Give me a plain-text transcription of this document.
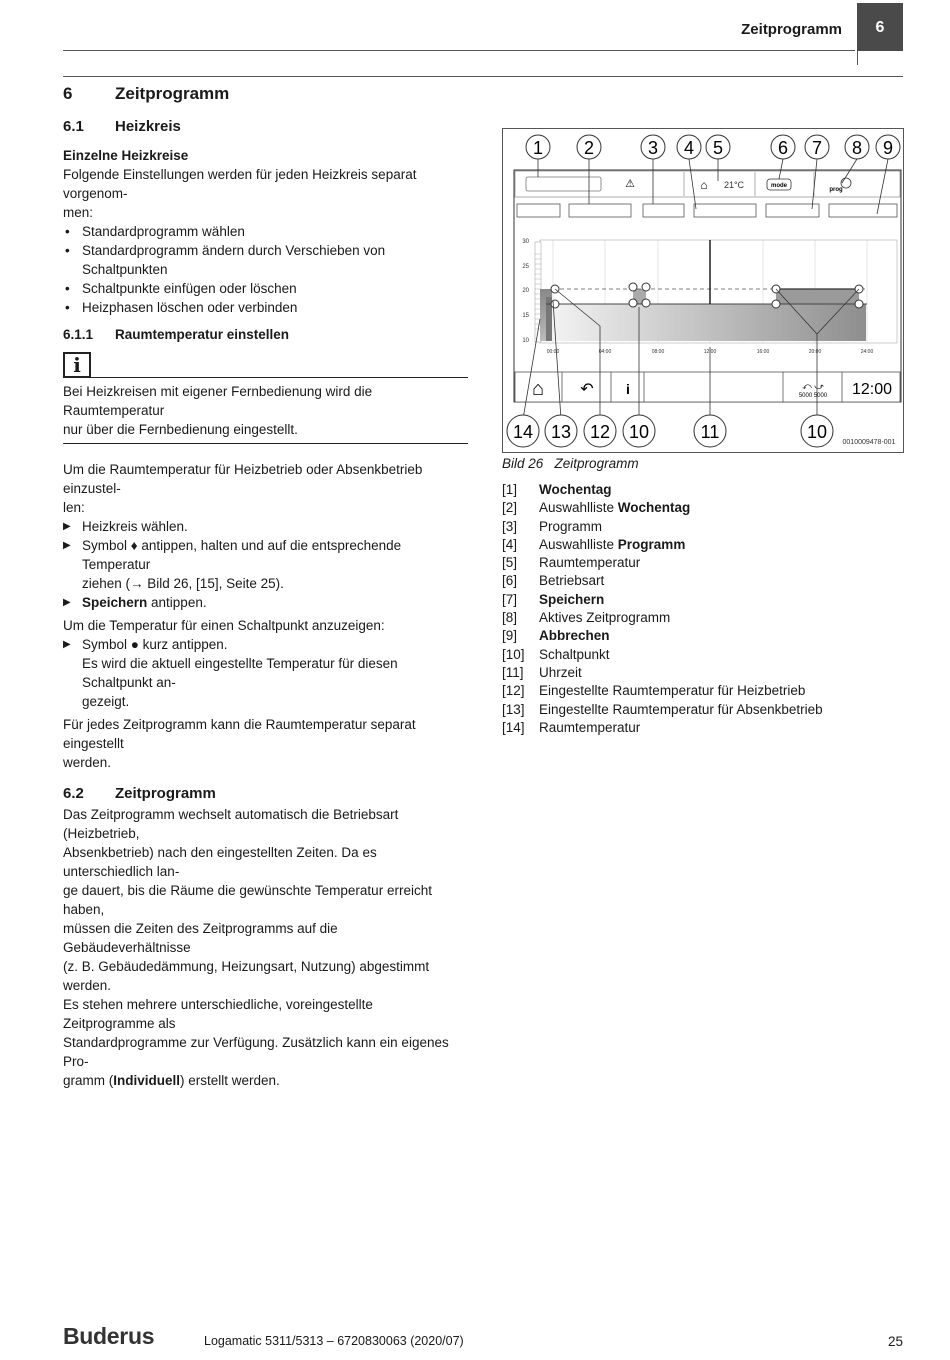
Zeitprogramm	6
6	Zeitprogramm
6.1	Heizkreis

Einzelne Heizkreise

Folgende Einstellungen werden für jeden Heizkreis separat vorgenom-

men:

• Standardprogramm wählen
• Standardprogramm ändern durch Verschieben von Schaltpunkten
• Schaltpunkte einfügen oder löschen
• Heizphasen löschen oder verbinden
6.1.1	Raumtemperatur einstellen
i

Bei Heizkreisen mit eigener Fernbedienung wird die Raumtemperatur

nur über die Fernbedienung eingestellt.

Um die Raumtemperatur für Heizbetrieb oder Absenkbetrieb einzustel-

len:

▶ Heizkreis wählen.
▶ Symbol ♦ antippen, halten und auf die entsprechende Temperatur
ziehen (→ Bild 26, [15], Seite 25).
▶ Speichern antippen.

Um die Temperatur für einen Schaltpunkt anzuzeigen:

▶ Symbol ● kurz antippen.
Es wird die aktuell eingestellte Temperatur für diesen Schaltpunkt an-
gezeigt.

Für jedes Zeitprogramm kann die Raumtemperatur separat eingestellt

werden.

6.2	Zeitprogramm

Das Zeitprogramm wechselt automatisch die Betriebsart (Heizbetrieb,

Absenkbetrieb) nach den eingestellten Zeiten. Da es unterschiedlich lan-

ge dauert, bis die Räume die gewünschte Temperatur erreicht haben,

müssen die Zeiten des Zeitprogramms auf die Gebäudeverhältnisse

(z. B. Gebäudedämmung, Heizungsart, Nutzung) abgestimmt werden.

Es stehen mehrere unterschiedliche, voreingestellte Zeitprogramme als

Standardprogramme zur Verfügung. Zusätzlich kann ein eigenes Pro-

gramm (Individuell) erstellt werden.

⚠	⌂ 21°C	mode
prog
30
25
20
15
10
00:00	04:00	08:00	12:00	16:00	20:00	24:00
⌂ ↶ i	⤺ ⤻
5000 5000 12:00
1 2	3 4 5	6 7 8 9
14 13 12 10	11	10
0010009478-001
Bild 26 Zeitprogramm
[1]	Wochentag
[2]	Auswahlliste Wochentag
[3]	Programm
[4]	Auswahlliste Programm
[5]	Raumtemperatur
[6]	Betriebsart
[7]	Speichern
[8]	Aktives Zeitprogramm
[9]	Abbrechen
[10]	Schaltpunkt
[11]	Uhrzeit
[12]	Eingestellte Raumtemperatur für Heizbetrieb
[13]	Eingestellte Raumtemperatur für Absenkbetrieb
[14]	Raumtemperatur
Buderus	Logamatic 5311/5313 – 6720830063 (2020/07)	25
